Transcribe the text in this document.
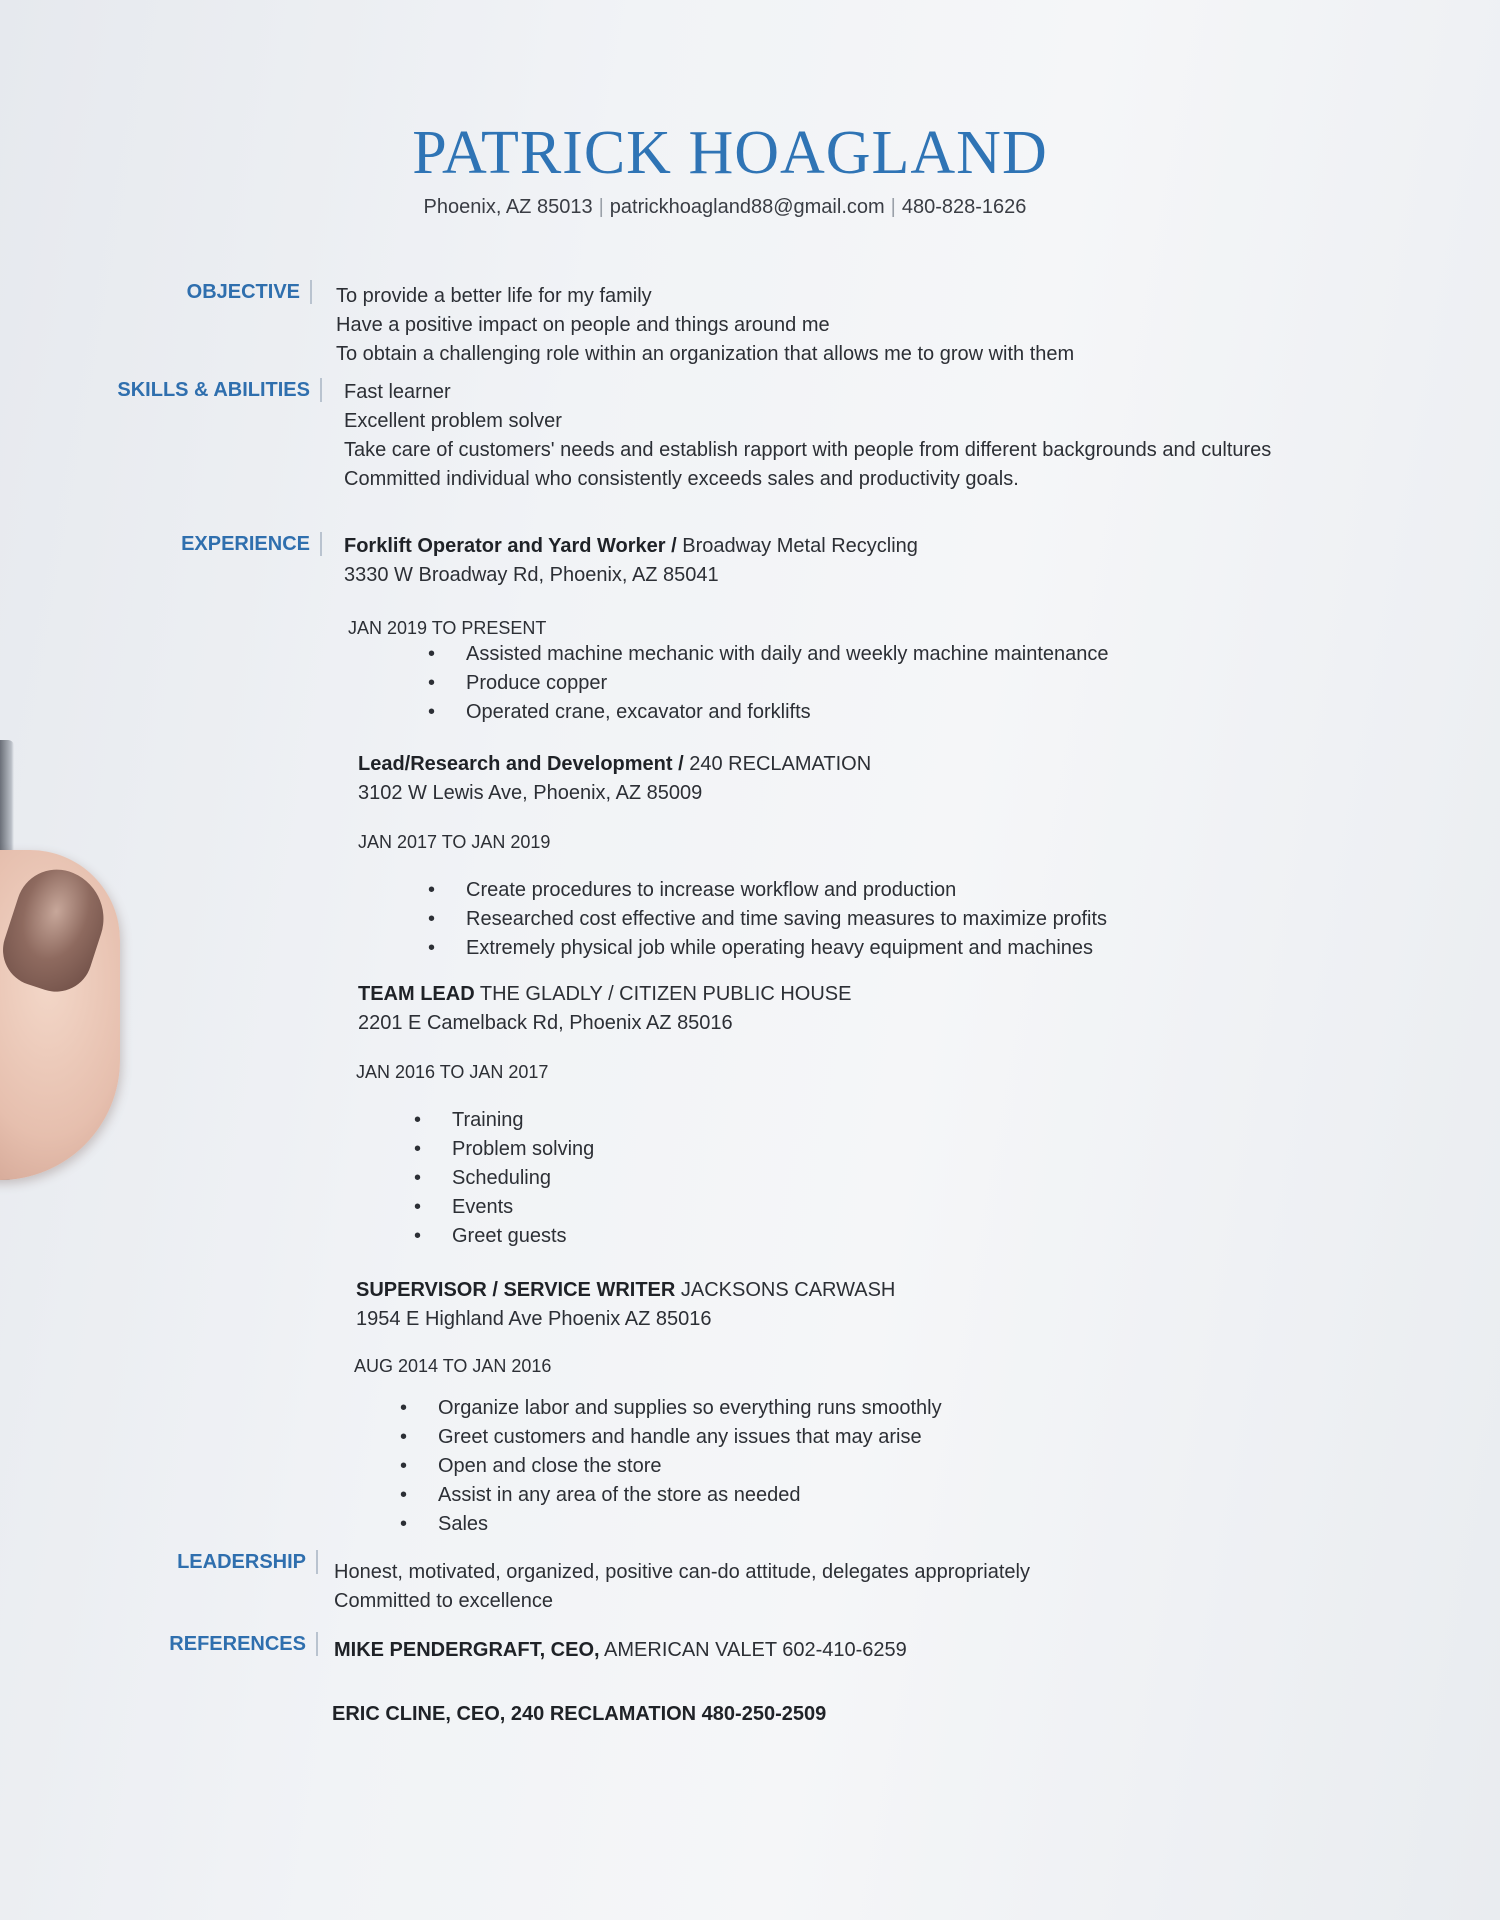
PATRICK HOAGLAND
Phoenix, AZ 85013 | patrickhoagland88@gmail.com | 480-828-1626
OBJECTIVE	To provide a better life for my family
Have a positive impact on people and things around me
To obtain a challenging role within an organization that allows me to grow with them
SKILLS & ABILITIES	Fast learner
Excellent problem solver
Take care of customers' needs and establish rapport with people from different backgrounds and cultures
Committed individual who consistently exceeds sales and productivity goals.
EXPERIENCE	Forklift Operator and Yard Worker / Broadway Metal Recycling
3330 W Broadway Rd, Phoenix, AZ 85041
JAN 2019 TO PRESENT
• Assisted machine mechanic with daily and weekly machine maintenance
• Produce copper
• Operated crane, excavator and forklifts
Lead/Research and Development / 240 RECLAMATION
3102 W Lewis Ave, Phoenix, AZ 85009
JAN 2017 TO JAN 2019
• Create procedures to increase workflow and production
• Researched cost effective and time saving measures to maximize profits
• Extremely physical job while operating heavy equipment and machines
TEAM LEAD THE GLADLY / CITIZEN PUBLIC HOUSE
2201 E Camelback Rd, Phoenix AZ 85016
JAN 2016 TO JAN 2017
• Training
• Problem solving
• Scheduling
• Events
• Greet guests
SUPERVISOR / SERVICE WRITER JACKSONS CARWASH
1954 E Highland Ave Phoenix AZ 85016
AUG 2014 TO JAN 2016
• Organize labor and supplies so everything runs smoothly
• Greet customers and handle any issues that may arise
• Open and close the store
• Assist in any area of the store as needed
• Sales
LEADERSHIP	Honest, motivated, organized, positive can-do attitude, delegates appropriately
Committed to excellence
REFERENCES	MIKE PENDERGRAFT, CEO, AMERICAN VALET 602-410-6259
ERIC CLINE, CEO, 240 RECLAMATION 480-250-2509
